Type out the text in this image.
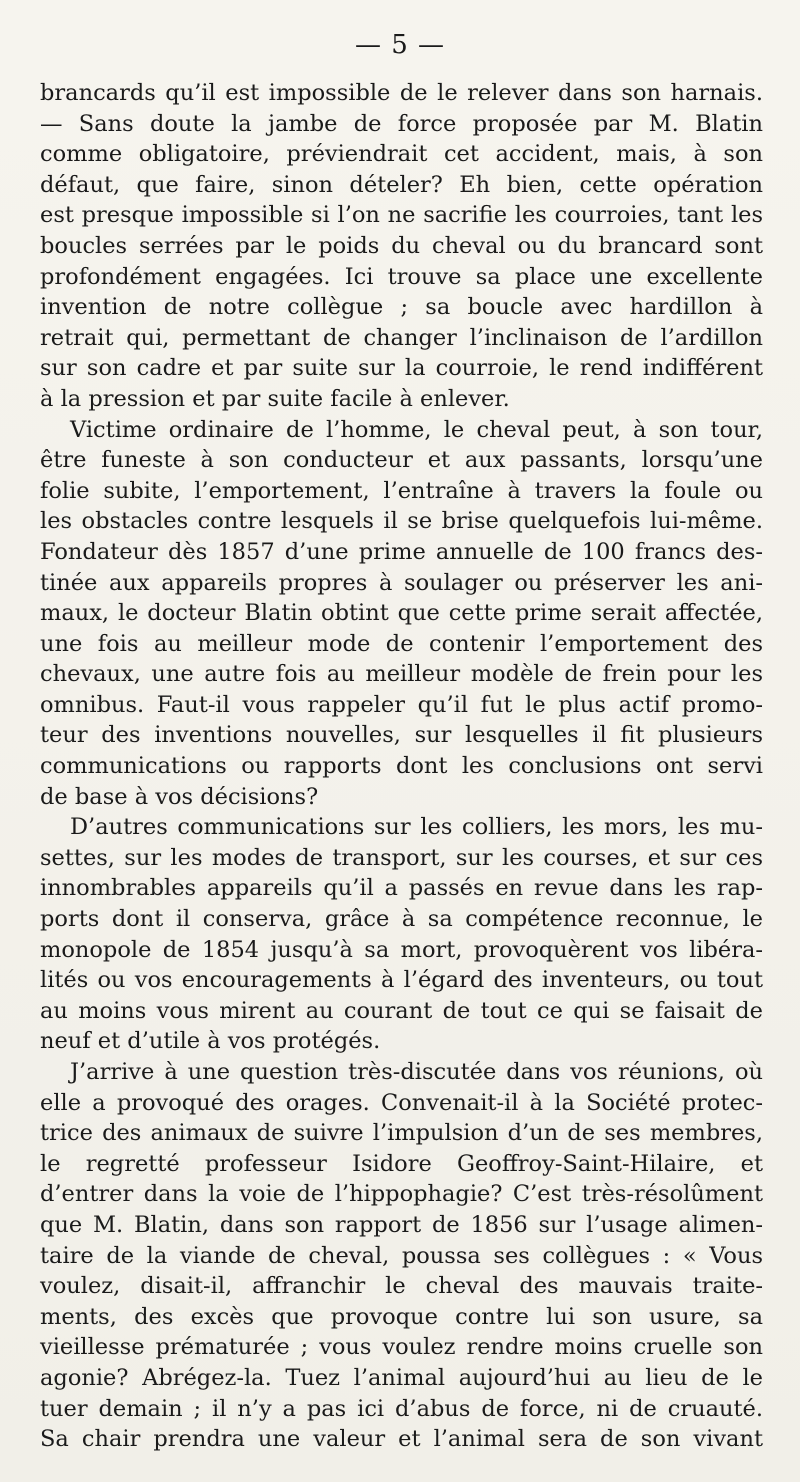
— 5 —
brancards qu’il est impossible de le relever dans son harnais.
— Sans doute la jambe de force proposée par M. Blatin
comme obligatoire, préviendrait cet accident, mais, à son
défaut, que faire, sinon dételer? Eh bien, cette opération
est presque impossible si l’on ne sacrifie les courroies, tant les
boucles serrées par le poids du cheval ou du brancard sont
profondément engagées. Ici trouve sa place une excellente
invention de notre collègue ; sa boucle avec hardillon à
retrait qui, permettant de changer l’inclinaison de l’ardillon
sur son cadre et par suite sur la courroie, le rend indifférent
à la pression et par suite facile à enlever.
Victime ordinaire de l’homme, le cheval peut, à son tour,
être funeste à son conducteur et aux passants, lorsqu’une
folie subite, l’emportement, l’entraîne à travers la foule ou
les obstacles contre lesquels il se brise quelquefois lui-même.
Fondateur dès 1857 d’une prime annuelle de 100 francs des-
tinée aux appareils propres à soulager ou préserver les ani-
maux, le docteur Blatin obtint que cette prime serait affectée,
une fois au meilleur mode de contenir l’emportement des
chevaux, une autre fois au meilleur modèle de frein pour les
omnibus. Faut-il vous rappeler qu’il fut le plus actif promo-
teur des inventions nouvelles, sur lesquelles il fit plusieurs
communications ou rapports dont les conclusions ont servi
de base à vos décisions?
D’autres communications sur les colliers, les mors, les mu-
settes, sur les modes de transport, sur les courses, et sur ces
innombrables appareils qu’il a passés en revue dans les rap-
ports dont il conserva, grâce à sa compétence reconnue, le
monopole de 1854 jusqu’à sa mort, provoquèrent vos libéra-
lités ou vos encouragements à l’égard des inventeurs, ou tout
au moins vous mirent au courant de tout ce qui se faisait de
neuf et d’utile à vos protégés.
J’arrive à une question très-discutée dans vos réunions, où
elle a provoqué des orages. Convenait-il à la Société protec-
trice des animaux de suivre l’impulsion d’un de ses membres,
le regretté professeur Isidore Geoffroy-Saint-Hilaire, et
d’entrer dans la voie de l’hippophagie? C’est très-résolûment
que M. Blatin, dans son rapport de 1856 sur l’usage alimen-
taire de la viande de cheval, poussa ses collègues : « Vous
voulez, disait-il, affranchir le cheval des mauvais traite-
ments, des excès que provoque contre lui son usure, sa
vieillesse prématurée ; vous voulez rendre moins cruelle son
agonie? Abrégez-la. Tuez l’animal aujourd’hui au lieu de le
tuer demain ; il n’y a pas ici d’abus de force, ni de cruauté.
Sa chair prendra une valeur et l’animal sera de son vivant
